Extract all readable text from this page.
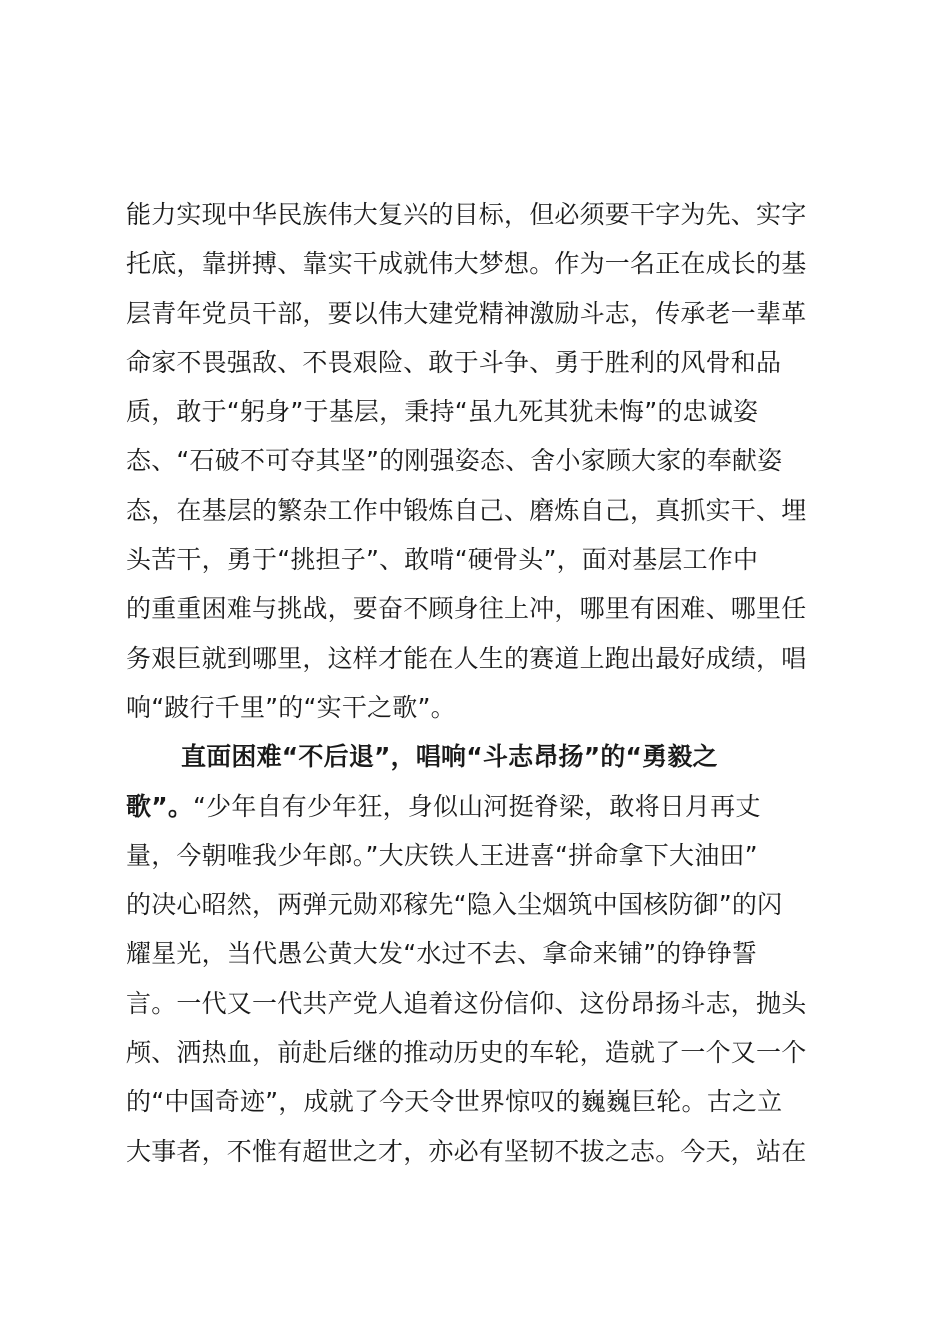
能力实现中华民族伟大复兴的目标，但必须要干字为先、实字
托底，靠拼搏、靠实干成就伟大梦想。作为一名正在成长的基
层青年党员干部，要以伟大建党精神激励斗志，传承老一辈革
命家不畏强敌、不畏艰险、敢于斗争、勇于胜利的风骨和品
质，敢于“躬身”于基层，秉持“虽九死其犹未悔”的忠诚姿
态、“石破不可夺其坚”的刚强姿态、舍小家顾大家的奉献姿
态，在基层的繁杂工作中锻炼自己、磨炼自己，真抓实干、埋
头苦干，勇于“挑担子”、敢啃“硬骨头”，面对基层工作中
的重重困难与挑战，要奋不顾身往上冲，哪里有困难、哪里任
务艰巨就到哪里，这样才能在人生的赛道上跑出最好成绩，唱
响“跛行千里”的“实干之歌”。
直面困难“不后退”，唱响“斗志昂扬”的“勇毅之
歌”。“少年自有少年狂，身似山河挺脊梁，敢将日月再丈
量，今朝唯我少年郎。”大庆铁人王进喜“拼命拿下大油田”
的决心昭然，两弹元勋邓稼先“隐入尘烟筑中国核防御”的闪
耀星光，当代愚公黄大发“水过不去、拿命来铺”的铮铮誓
言。一代又一代共产党人追着这份信仰、这份昂扬斗志，抛头
颅、洒热血，前赴后继的推动历史的车轮，造就了一个又一个
的“中国奇迹”，成就了今天令世界惊叹的巍巍巨轮。古之立
大事者，不惟有超世之才，亦必有坚韧不拔之志。今天，站在
